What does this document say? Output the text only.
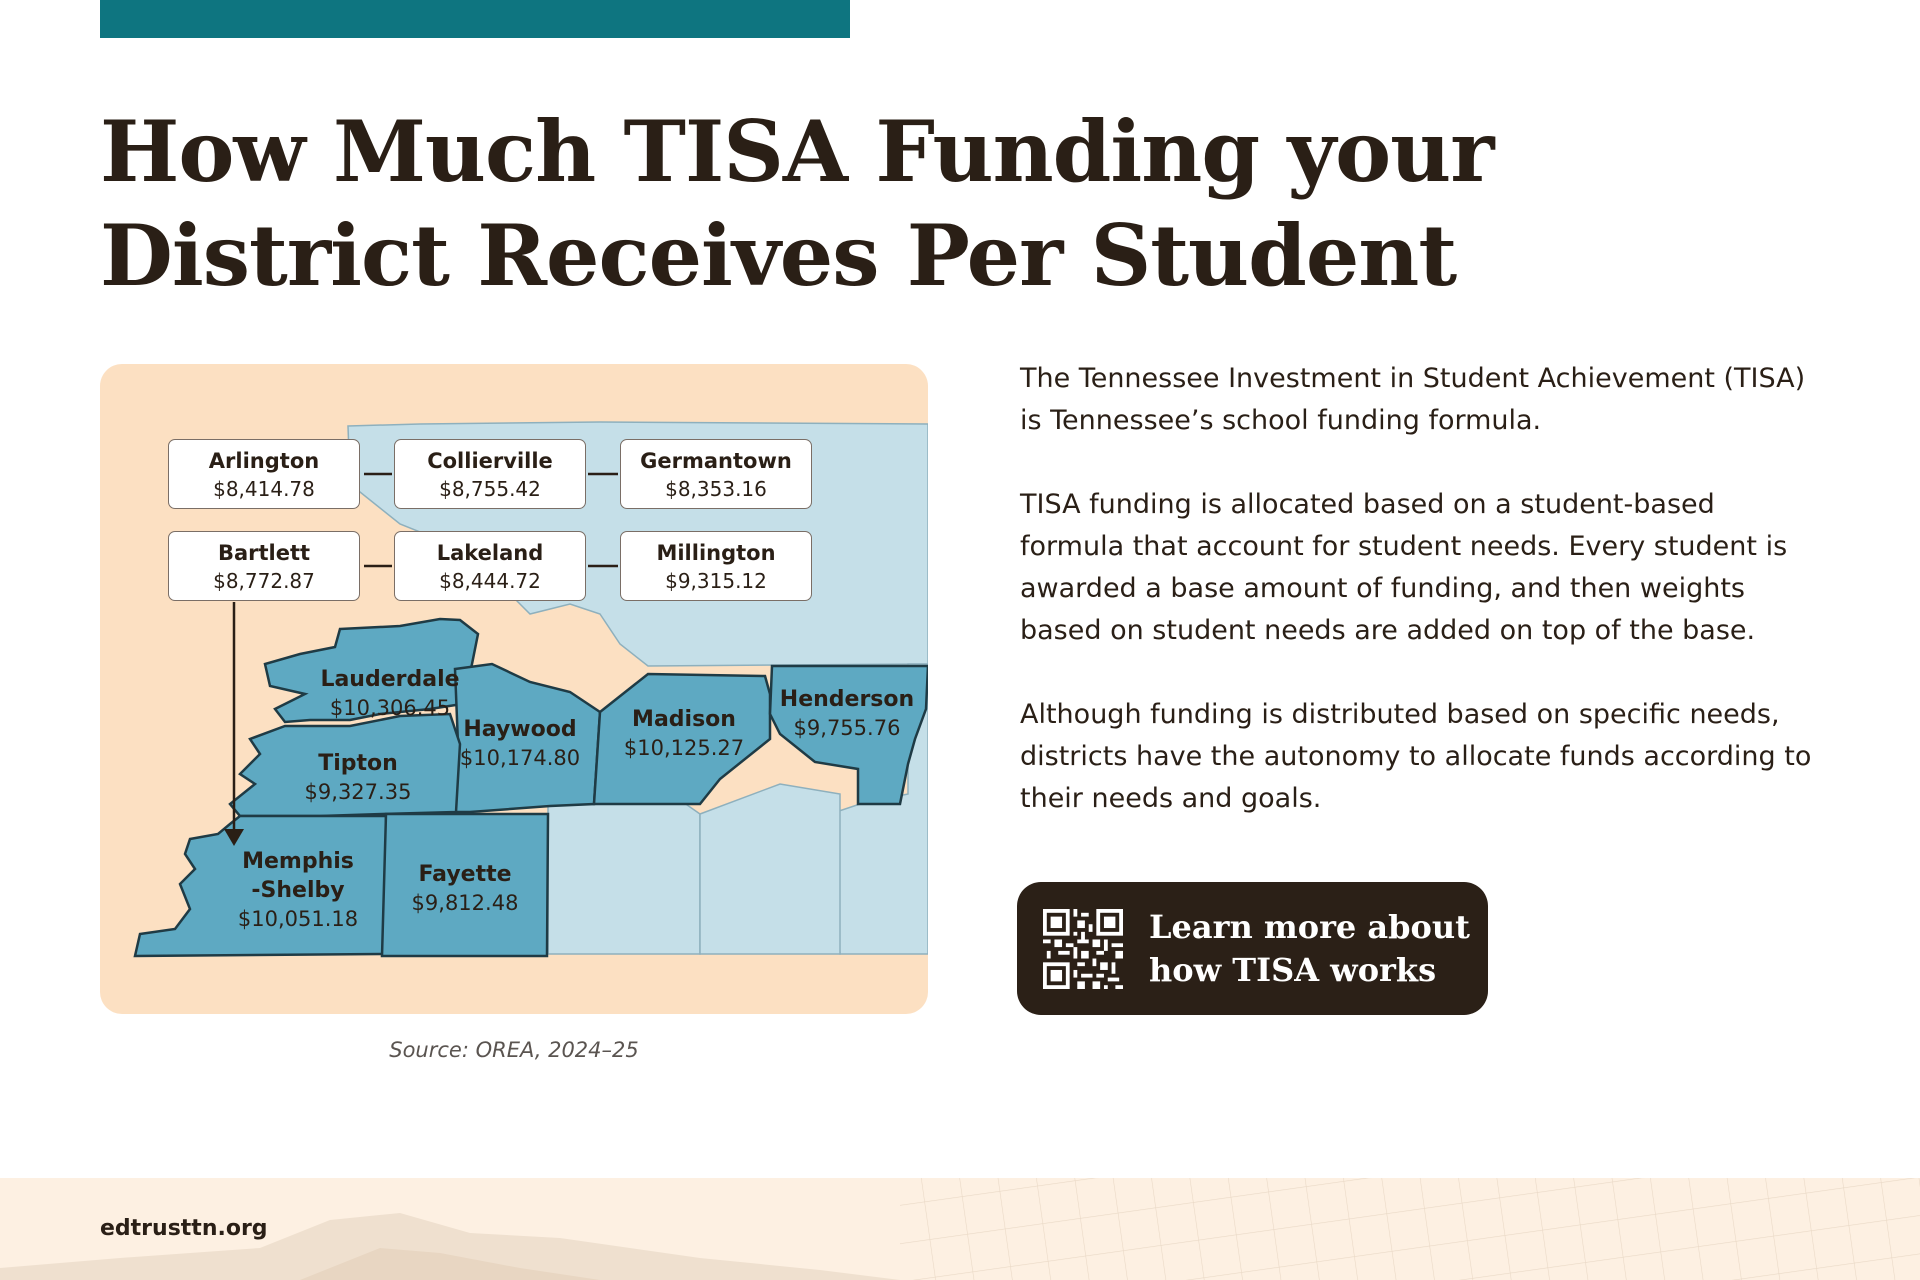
How Much TISA Funding your District Receives Per Student
Lauderdale
$10,306.45
Haywood
$10,174.80
Madison
$10,125.27
Henderson
$9,755.76
Tipton
$9,327.35
Memphis
-Shelby
$10,051.18
Fayette
$9,812.48
Arlington
$8,414.78
Collierville
$8,755.42
Germantown
$8,353.16
Bartlett
$8,772.87
Lakeland
$8,444.72
Millington
$9,315.12
Source: OREA, 2024–25

The Tennessee Investment in Student Achievement (TISA) is Tennessee’s school funding formula.

TISA funding is allocated based on a student-based formula that account for student needs. Every student is awarded a base amount of funding, and then weights based on student needs are added on top of the base.

Although funding is distributed based on specific needs, districts have the autonomy to allocate funds according to their needs and goals.

Learn more about
how TISA works
edtrusttn.org
